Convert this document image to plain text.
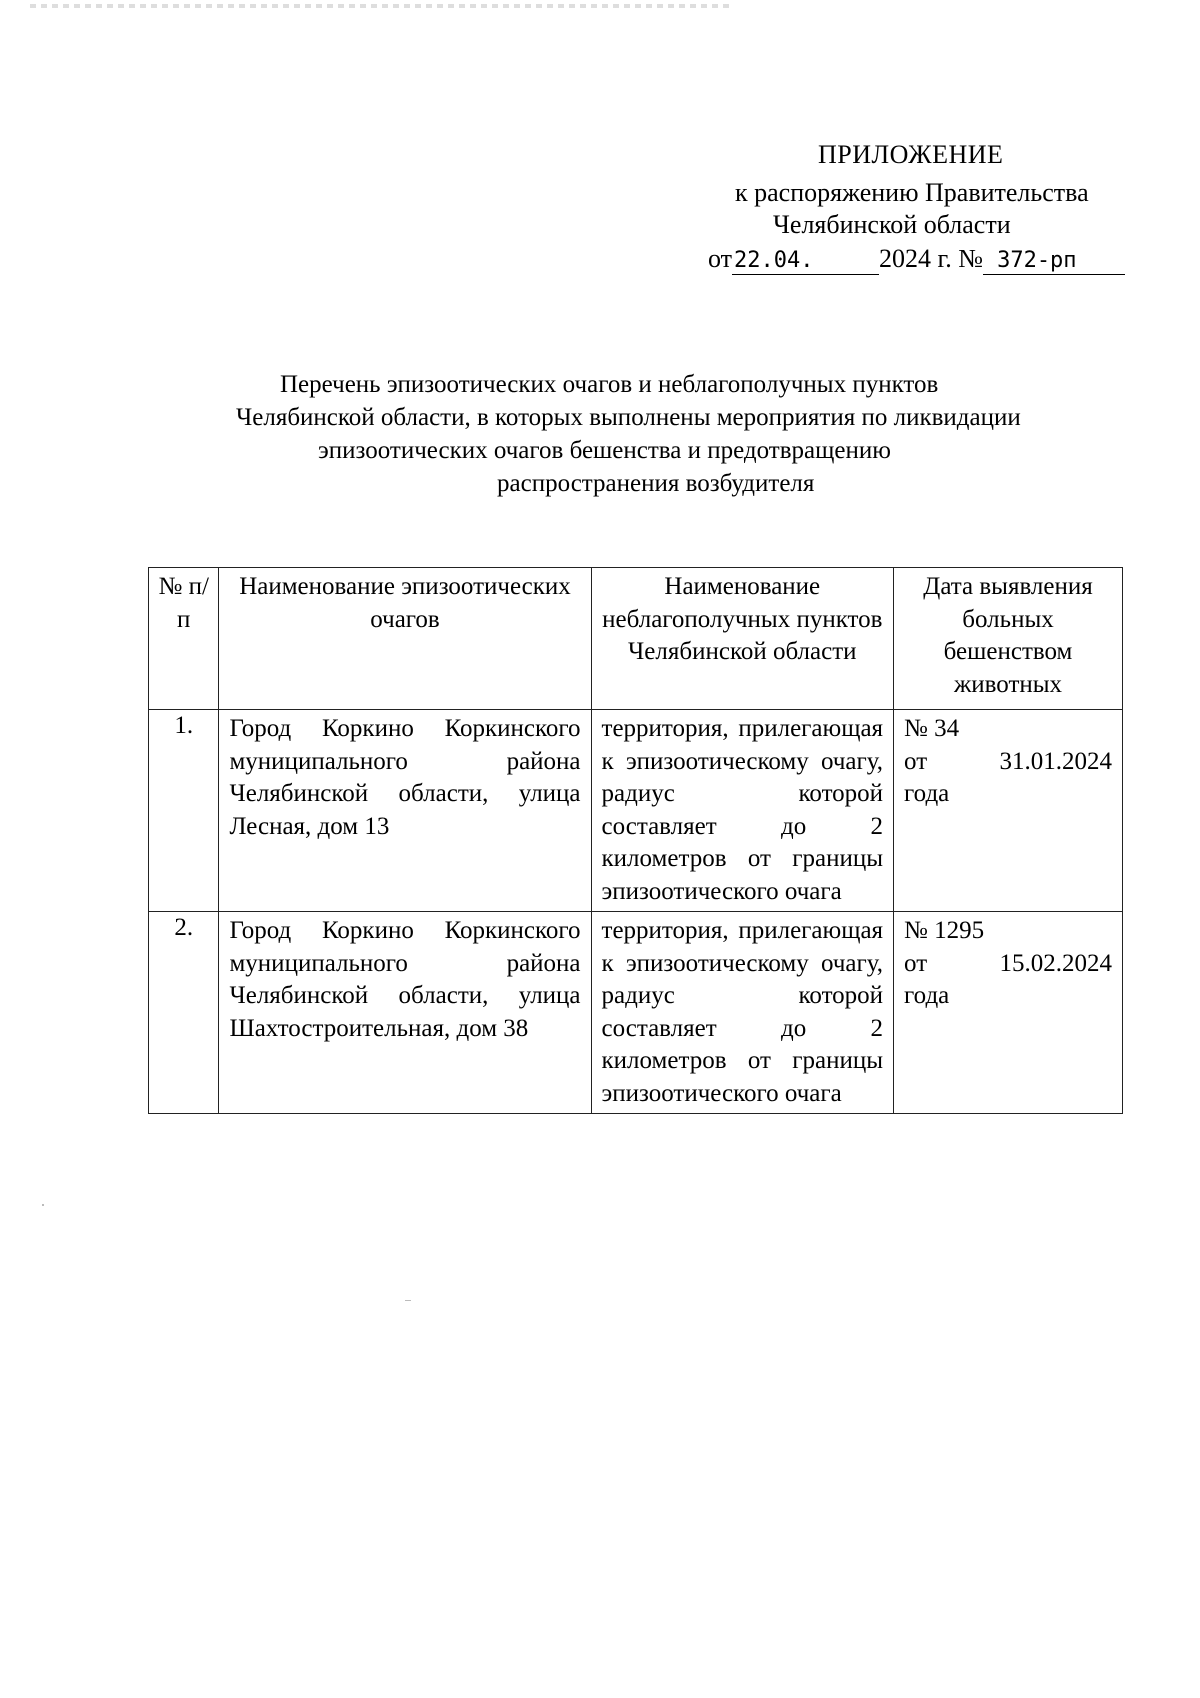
ПРИЛОЖЕНИЕ
к распоряжению Правительства
Челябинской области
от22.04.	2024 г. № 372-рп
Перечень эпизоотических очагов и неблагополучных пунктов
Челябинской области, в которых выполнены мероприятия по ликвидации
эпизоотических очагов бешенства и предотвращению
распространения возбудителя
№ п/п	Наименование эпизоотических очагов	Наименование неблагополучных пунктов Челябинской области	Дата выявления больных бешенством животных

1.	Город Коркино Коркинского муниципального района Челябинской области, улица Лесная, дом 13	территория, прилегающая к эпизоотическому очагу, радиус которой составляет до 2 километров от границы эпизоотического очага	№ 34
от 31.01.2024
года

2.	Город Коркино Коркинского муниципального района Челябинской области, улица Шахтостроительная, дом 38	территория, прилегающая к эпизоотическому очагу, радиус которой составляет до 2 километров от границы эпизоотического очага	№ 1295
от 15.02.2024
года
